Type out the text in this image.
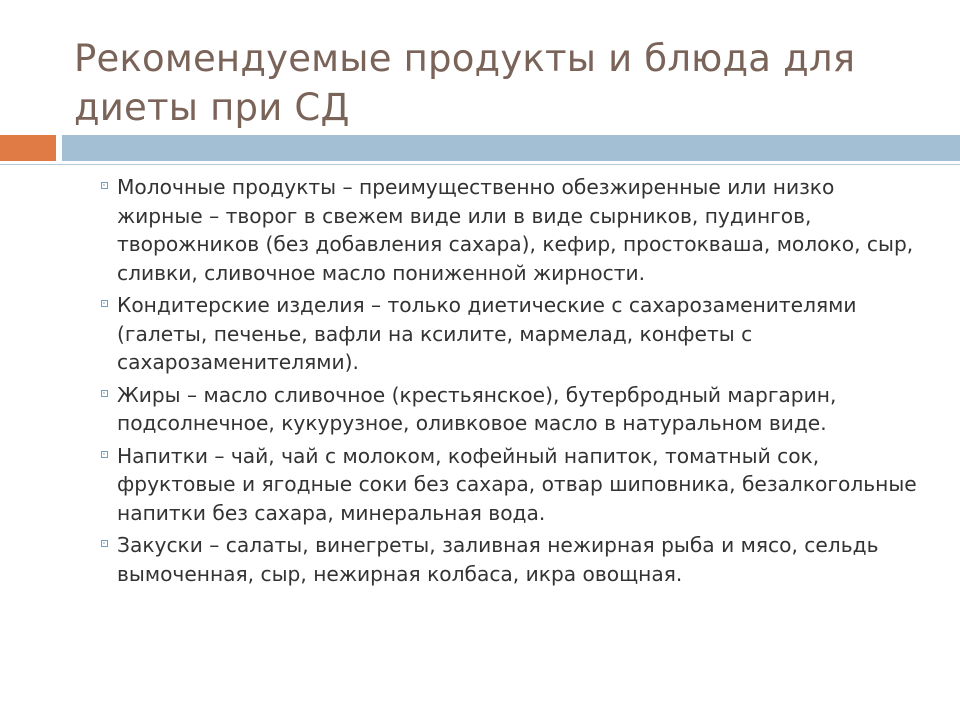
Рекомендуемые продукты и блюда для диеты при СД
Молочные продукты – преимущественно обезжиренные или низко жирные – творог в свежем виде или в виде сырников, пудингов, творожников (без добавления сахара), кефир, простокваша, молоко, сыр, сливки, сливочное масло пониженной жирности.
Кондитерские изделия – только диетические с сахарозаменителями (галеты, печенье, вафли на ксилите, мармелад, конфеты с сахарозаменителями).
Жиры – масло сливочное (крестьянское), бутербродный маргарин, подсолнечное, кукурузное, оливковое масло в натуральном виде.
Напитки – чай, чай с молоком, кофейный напиток, томатный сок, фруктовые и ягодные соки без сахара, отвар шиповника, безалкогольные напитки без сахара, минеральная вода.
Закуски – салаты, винегреты, заливная нежирная рыба и мясо, сельдь вымоченная, сыр, нежирная колбаса, икра овощная.
